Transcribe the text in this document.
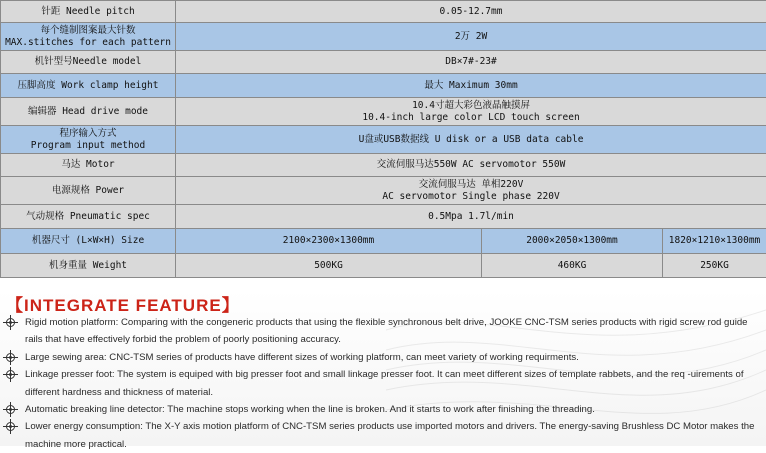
针距 Needle pitch	0.05-12.7mm		

每个缝制图案最大针数
MAX.stitches for each pattern	2万 2W		
机针型号Needle model	DB×7#-23#		
压脚高度 Work clamp height	最大 Maximum 30mm		
编辑器 Head drive mode	10.4寸超大彩色液晶触摸屏
10.4-inch large color LCD touch screen		

程序输入方式
Program input method	U盘或USB数据线 U disk or a USB data cable		
马达 Motor	交流伺服马达550W AC servomotor 550W		
电源规格 Power	交流伺服马达 单相220V
AC servomotor Single phase 220V		

气动规格 Pneumatic spec	0.5Mpa 1.7l/min		
机器尺寸 (L×W×H) Size	2100×2300×1300mm	2000×2050×1300mm	1820×1210×1300mm
机身重量 Weight	500KG	460KG	250KG
【INTEGRATE FEATURE】
Rigid motion platform: Comparing with the congeneric products that using the flexible synchronous belt drive, JOOKE CNC-TSM series products with rigid screw rod guide rails that have effectively forbid the problem of poorly positioning accuracy.
Large sewing area: CNC-TSM series of products have different sizes of working platform, can meet variety of working requirments.
Linkage presser foot: The system is equiped with big presser foot and small linkage presser foot. It can meet different sizes of template rabbets, and the req -uirements of different hardness and thickness of material.
Automatic breaking line detector: The machine stops working when the line is broken. And it starts to work after finishing the threading.
Lower energy consumption: The X-Y axis motion platform of CNC-TSM series products use imported motors and drivers. The energy-saving Brushless DC Motor makes the machine more practical.
